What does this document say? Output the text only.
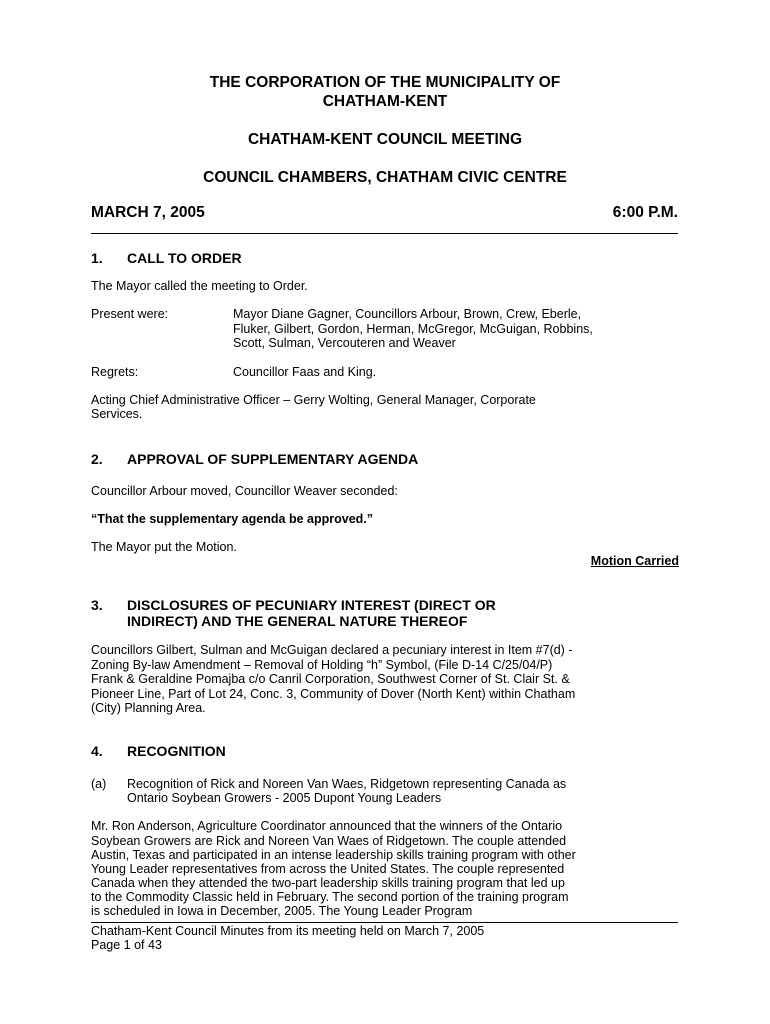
THE CORPORATION OF THE MUNICIPALITY OF
CHATHAM-KENT
CHATHAM-KENT COUNCIL MEETING
COUNCIL CHAMBERS, CHATHAM CIVIC CENTRE
MARCH 7, 2005	6:00 P.M.
1. CALL TO ORDER
The Mayor called the meeting to Order.
Present were:	Mayor Diane Gagner, Councillors Arbour, Brown, Crew, Eberle,
Fluker, Gilbert, Gordon, Herman, McGregor, McGuigan, Robbins,
Scott, Sulman, Vercouteren and Weaver
Regrets:	Councillor Faas and King.
Acting Chief Administrative Officer – Gerry Wolting, General Manager, Corporate
Services.
2. APPROVAL OF SUPPLEMENTARY AGENDA
Councillor Arbour moved, Councillor Weaver seconded:
“That the supplementary agenda be approved.”
The Mayor put the Motion.
Motion Carried
3. DISCLOSURES OF PECUNIARY INTEREST (DIRECT OR
INDIRECT) AND THE GENERAL NATURE THEREOF
Councillors Gilbert, Sulman and McGuigan declared a pecuniary interest in Item #7(d) -
Zoning By-law Amendment – Removal of Holding “h” Symbol, (File D-14 C/25/04/P)
Frank & Geraldine Pomajba c/o Canril Corporation, Southwest Corner of St. Clair St. &
Pioneer Line, Part of Lot 24, Conc. 3, Community of Dover (North Kent) within Chatham
(City) Planning Area.
4. RECOGNITION
(a) Recognition of Rick and Noreen Van Waes, Ridgetown representing Canada as
Ontario Soybean Growers - 2005 Dupont Young Leaders
Mr. Ron Anderson, Agriculture Coordinator announced that the winners of the Ontario
Soybean Growers are Rick and Noreen Van Waes of Ridgetown. The couple attended
Austin, Texas and participated in an intense leadership skills training program with other
Young Leader representatives from across the United States. The couple represented
Canada when they attended the two-part leadership skills training program that led up
to the Commodity Classic held in February. The second portion of the training program
is scheduled in Iowa in December, 2005. The Young Leader Program
Chatham-Kent Council Minutes from its meeting held on March 7, 2005
Page 1 of 43
